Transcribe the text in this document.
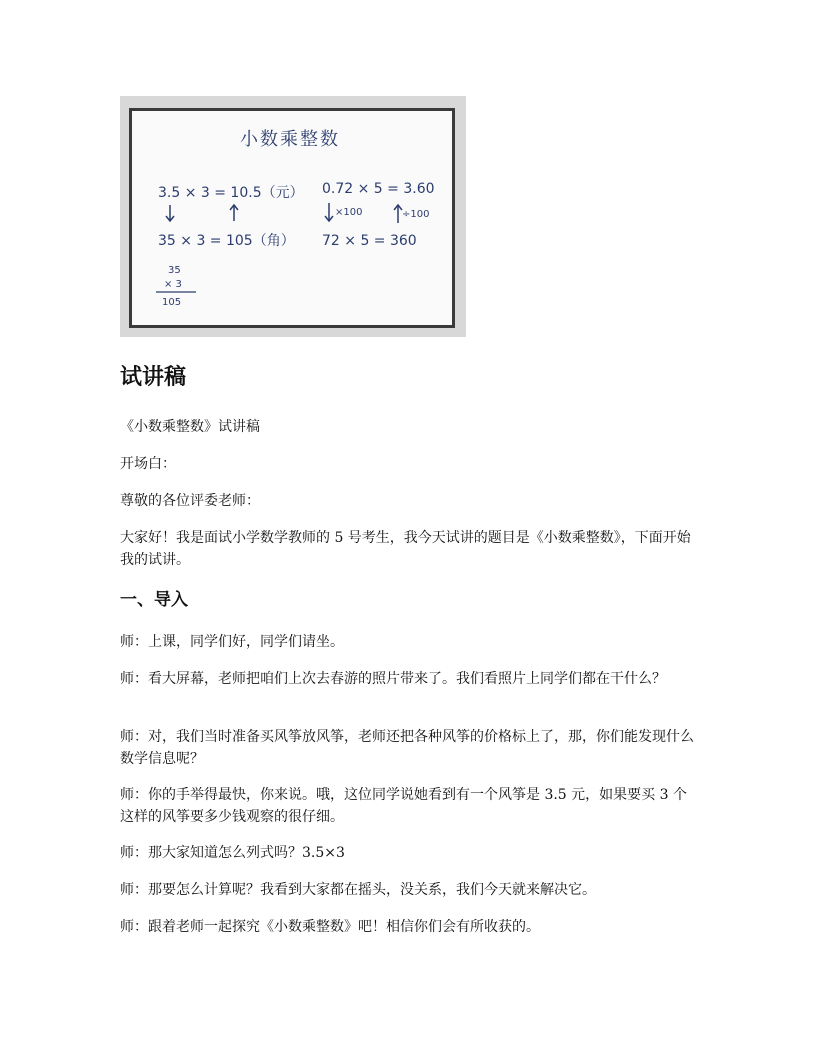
小数乘整数
3.5 × 3 = 10.5（元）
35 × 3 = 105（角）
0.72 × 5 = 3.60
×100	÷100
72 × 5 = 360
35
× 3
105
试讲稿

《小数乘整数》试讲稿

开场白：

尊敬的各位评委老师：

大家好！我是面试小学数学教师的 5 号考生，我今天试讲的题目是《小数乘整数》，下面开始我的试讲。

一、导入

师：上课，同学们好，同学们请坐。

师：看大屏幕，老师把咱们上次去春游的照片带来了。我们看照片上同学们都在干什么？

师：对，我们当时准备买风筝放风筝，老师还把各种风筝的价格标上了，那，你们能发现什么数学信息呢？

师：你的手举得最快，你来说。哦，这位同学说她看到有一个风筝是 3.5 元，如果要买 3 个这样的风筝要多少钱观察的很仔细。

师：那大家知道怎么列式吗？3.5×3

师：那要怎么计算呢？我看到大家都在摇头，没关系，我们今天就来解决它。

师：跟着老师一起探究《小数乘整数》吧！相信你们会有所收获的。
